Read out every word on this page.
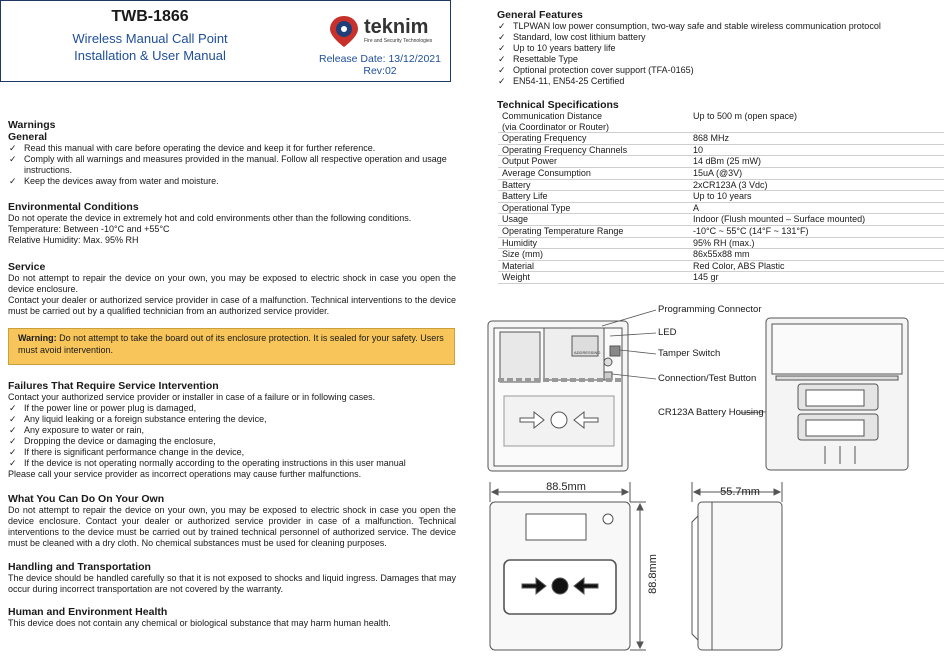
TWB-1866
Wireless Manual Call Point
Installation & User Manual
teknim
Fire and Security Technologies
Release Date: 13/12/2021
Rev:02
Warnings
General
✓ Read this manual with care before operating the device and keep it for further reference.
✓ Comply with all warnings and measures provided in the manual. Follow all respective operation and usage instructions.
✓ Keep the devices away from water and moisture.
Environmental Conditions
Do not operate the device in extremely hot and cold environments other than the following conditions.
Temperature: Between -10°C and +55°C
Relative Humidity: Max. 95% RH
Service
Do not attempt to repair the device on your own, you may be exposed to electric shock in case you open the device enclosure.
Contact your dealer or authorized service provider in case of a malfunction. Technical interventions to the device must be carried out by a qualified technician from an authorized service provider.
Warning: Do not attempt to take the board out of its enclosure protection. It is sealed for your safety. Users must avoid intervention.
Failures That Require Service Intervention
Contact your authorized service provider or installer in case of a failure or in following cases.
✓ If the power line or power plug is damaged,
✓ Any liquid leaking or a foreign substance entering the device,
✓ Any exposure to water or rain,
✓ Dropping the device or damaging the enclosure,
✓ If there is significant performance change in the device,
✓ If the device is not operating normally according to the operating instructions in this user manual
Please call your service provider as incorrect operations may cause further malfunctions.
What You Can Do On Your Own
Do not attempt to repair the device on your own, you may be exposed to electric shock in case you open the device enclosure. Contact your dealer or authorized service provider in case of a malfunction. Technical interventions to the device must be carried out by trained technical personnel of authorized service. The device must be cleaned with a dry cloth. No chemical substances must be used for cleaning purposes.
Handling and Transportation
The device should be handled carefully so that it is not exposed to shocks and liquid ingress. Damages that may occur during incorrect transportation are not covered by the warranty.
Human and Environment Health
This device does not contain any chemical or biological substance that may harm human health.
General Features
✓ TLPWAN low power consumption, two-way safe and stable wireless communication protocol
✓ Standard, low cost lithium battery
✓ Up to 10 years battery life
✓ Resettable Type
✓ Optional protection cover support (TFA-0165)
✓ EN54-11, EN54-25 Certified
Technical Specifications
Communication Distance
(via Coordinator or Router)	Up to 500 m (open space)
Operating Frequency	868 MHz
Operating Frequency Channels	10
Output Power	14 dBm (25 mW)
Average Consumption	15uA (@3V)
Battery	2xCR123A (3 Vdc)
Battery Life	Up to 10 years
Operational Type	A
Usage	Indoor (Flush mounted – Surface mounted)
Operating Temperature Range	-10°C ~ 55°C (14°F ~ 131°F)
Humidity	95% RH (max.)
Size (mm)	86x55x88 mm
Material	Red Color, ABS Plastic
Weight	145 gr
ADDRESSING
88.5mm
88.8mm
55.7mm
Programming Connector
LED
Tamper Switch
Connection/Test Button
CR123A Battery Housing
